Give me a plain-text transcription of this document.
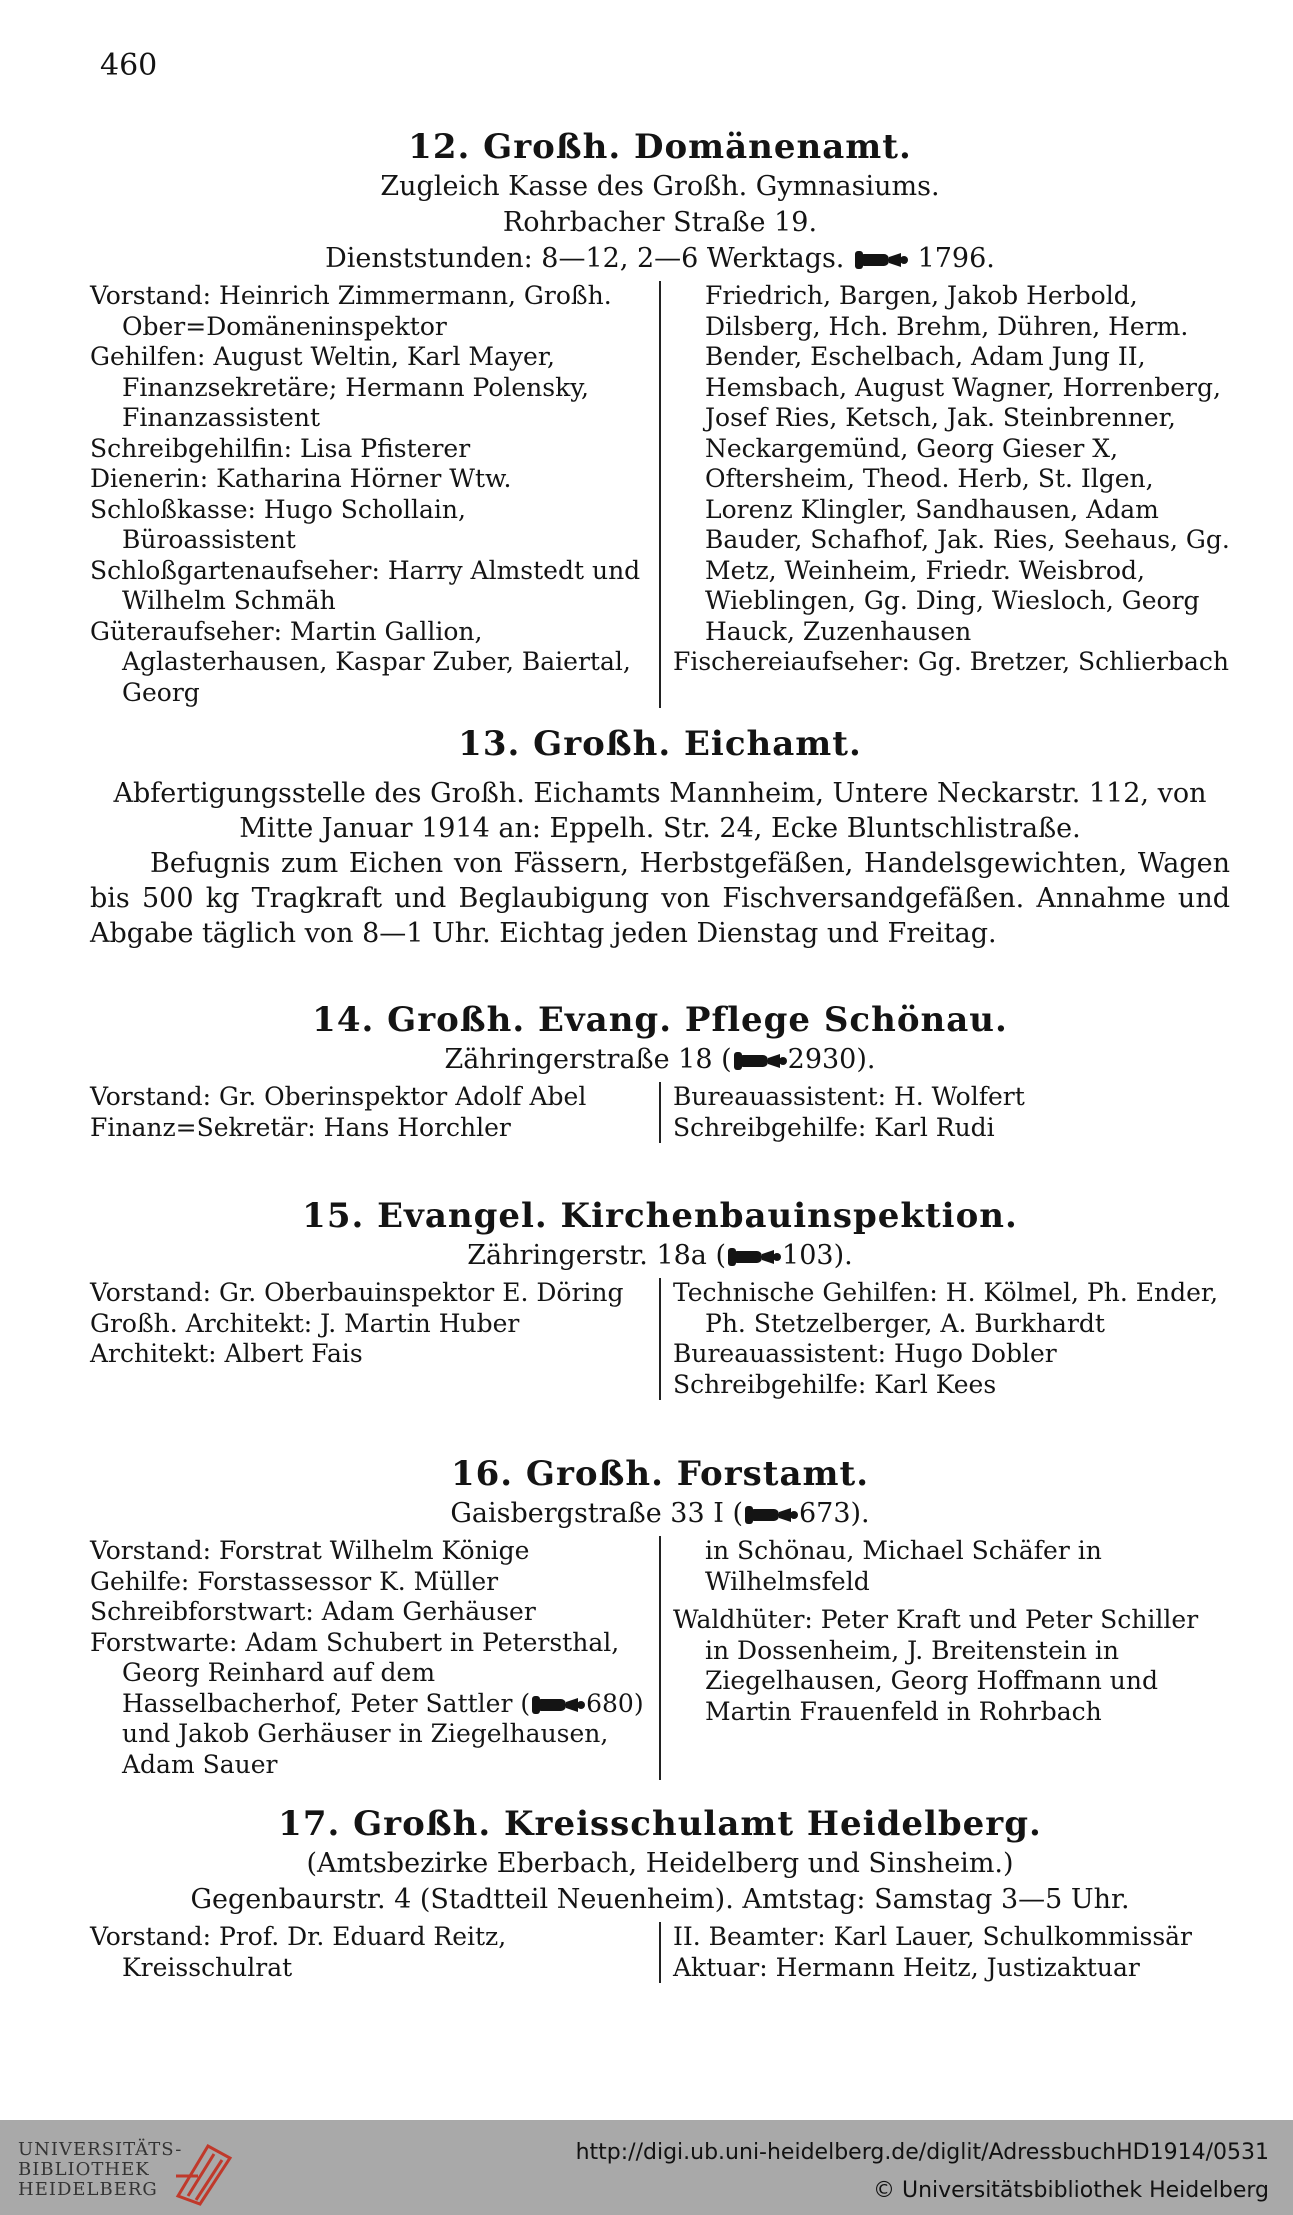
460
12. Großh. Domänenamt.
Zugleich Kasse des Großh. Gymnasiums.
Rohrbacher Straße 19.
Dienststunden: 8—12, 2—6 Werktags.	1796.
Vorstand: Heinrich Zimmermann, Großh. Ober=Domäneninspektor
Gehilfen: August Weltin, Karl Mayer, Finanzsekretäre; Hermann Polensky, Finanzassistent
Schreibgehilfin: Lisa Pfisterer
Dienerin: Katharina Hörner Wtw.
Schloßkasse: Hugo Schollain, Büroassistent
Schloßgartenaufseher: Harry Almstedt und Wilhelm Schmäh
Güteraufseher: Martin Gallion, Aglasterhausen, Kaspar Zuber, Baiertal, Georg
Friedrich, Bargen, Jakob Herbold, Dilsberg, Hch. Brehm, Dühren, Herm. Bender, Eschelbach, Adam Jung II, Hemsbach, August Wagner, Horrenberg, Josef Ries, Ketsch, Jak. Steinbrenner, Neckargemünd, Georg Gieser X, Oftersheim, Theod. Herb, St. Ilgen, Lorenz Klingler, Sandhausen, Adam Bauder, Schafhof, Jak. Ries, Seehaus, Gg. Metz, Weinheim, Friedr. Weisbrod, Wieblingen, Gg. Ding, Wiesloch, Georg Hauck, Zuzenhausen
Fischereiaufseher: Gg. Bretzer, Schlierbach
13. Großh. Eichamt.
Abfertigungsstelle des Großh. Eichamts Mannheim, Untere Neckarstr. 112, von Mitte Januar 1914 an: Eppelh. Str. 24, Ecke Bluntschlistraße.
Befugnis zum Eichen von Fässern, Herbstgefäßen, Handelsgewichten, Wagen bis 500 kg Tragkraft und Beglaubigung von Fischversandgefäßen. Annahme und Abgabe täglich von 8—1 Uhr. Eichtag jeden Dienstag und Freitag.
14. Großh. Evang. Pflege Schönau.
Zähringerstraße 18 ( 2930).
Vorstand: Gr. Oberinspektor Adolf Abel
Finanz=Sekretär: Hans Horchler
Bureauassistent: H. Wolfert
Schreibgehilfe: Karl Rudi
15. Evangel. Kirchenbauinspektion.
Zähringerstr. 18a ( 103).
Vorstand: Gr. Oberbauinspektor E. Döring
Großh. Architekt: J. Martin Huber
Architekt: Albert Fais
Technische Gehilfen: H. Kölmel, Ph. Ender, Ph. Stetzelberger, A. Burkhardt
Bureauassistent: Hugo Dobler
Schreibgehilfe: Karl Kees
16. Großh. Forstamt.
Gaisbergstraße 33 I ( 673).
Vorstand: Forstrat Wilhelm Könige
Gehilfe: Forstassessor K. Müller
Schreibforstwart: Adam Gerhäuser
Forstwarte: Adam Schubert in Petersthal, Georg Reinhard auf dem Hasselbacherhof, Peter Sattler ( 680) und Jakob Gerhäuser in Ziegelhausen, Adam Sauer
in Schönau, Michael Schäfer in Wilhelmsfeld
Waldhüter: Peter Kraft und Peter Schiller in Dossenheim, J. Breitenstein in Ziegelhausen, Georg Hoffmann und Martin Frauenfeld in Rohrbach
17. Großh. Kreisschulamt Heidelberg.
(Amtsbezirke Eberbach, Heidelberg und Sinsheim.)
Gegenbaurstr. 4 (Stadtteil Neuenheim). Amtstag: Samstag 3—5 Uhr.
Vorstand: Prof. Dr. Eduard Reitz, Kreisschulrat
II. Beamter: Karl Lauer, Schulkommissär
Aktuar: Hermann Heitz, Justizaktuar
UNIVERSITÄTS-
BIBLIOTHEK
HEIDELBERG
http://digi.ub.uni-heidelberg.de/diglit/AdressbuchHD1914/0531
© Universitätsbibliothek Heidelberg
